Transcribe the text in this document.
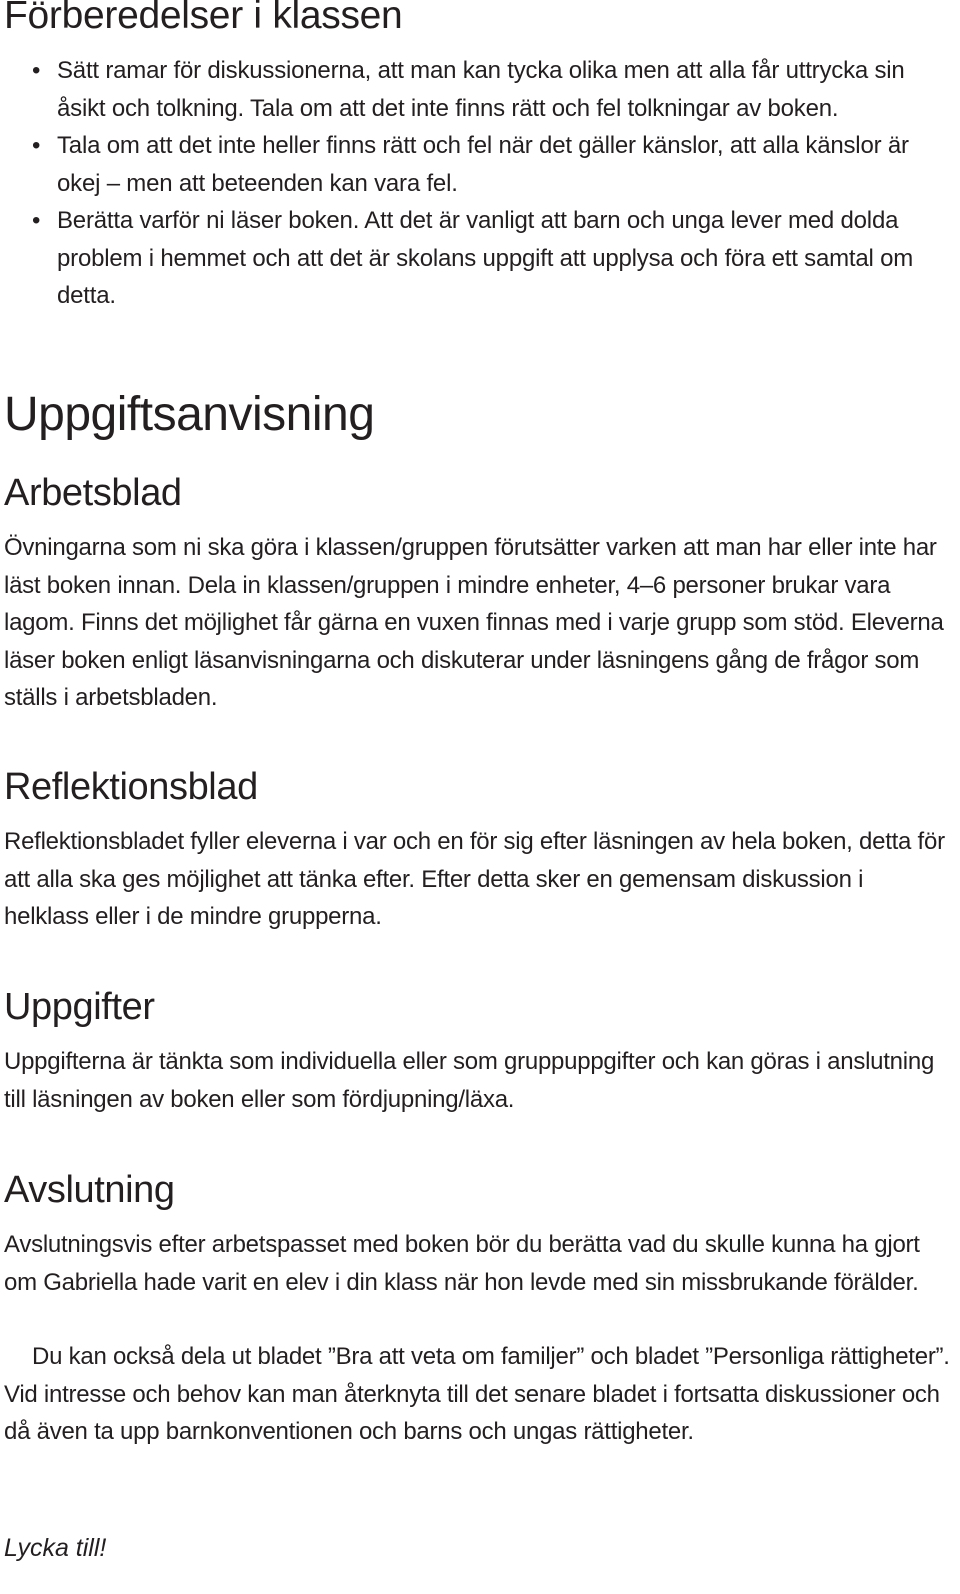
Förberedelser i klassen
• Sätt ramar för diskussionerna, att man kan tycka olika men att alla får uttrycka sin åsikt och tolkning. Tala om att det inte finns rätt och fel tolkningar av boken.
• Tala om att det inte heller finns rätt och fel när det gäller känslor, att alla känslor är okej – men att beteenden kan vara fel.
• Berätta varför ni läser boken. Att det är vanligt att barn och unga lever med dolda problem i hemmet och att det är skolans uppgift att upplysa och föra ett samtal om detta.
Uppgiftsanvisning
Arbetsblad

Övningarna som ni ska göra i klassen/gruppen förutsätter varken att man har eller inte har läst boken innan. Dela in klassen/gruppen i mindre enheter, 4–6 personer brukar vara lagom. Finns det möjlighet får gärna en vuxen finnas med i varje grupp som stöd. Eleverna läser boken enligt läsanvisningarna och diskuterar under läsningens gång de frågor som ställs i arbetsbladen.

Reflektionsblad

Reflektionsbladet fyller eleverna i var och en för sig efter läsningen av hela boken, detta för att alla ska ges möjlighet att tänka efter. Efter detta sker en gemensam diskussion i helklass eller i de mindre grupperna.

Uppgifter

Uppgifterna är tänkta som individuella eller som gruppuppgifter och kan göras i anslutning till läsningen av boken eller som fördjupning/läxa.

Avslutning

Avslutningsvis efter arbetspasset med boken bör du berätta vad du skulle kunna ha gjort om Gabriella hade varit en elev i din klass när hon levde med sin missbrukande förälder.

Du kan också dela ut bladet ”Bra att veta om familjer” och bladet ”Personliga rättigheter”. Vid intresse och behov kan man återknyta till det senare bladet i fortsatta diskussioner och då även ta upp barnkonventionen och barns och ungas rättigheter.

Lycka till!
